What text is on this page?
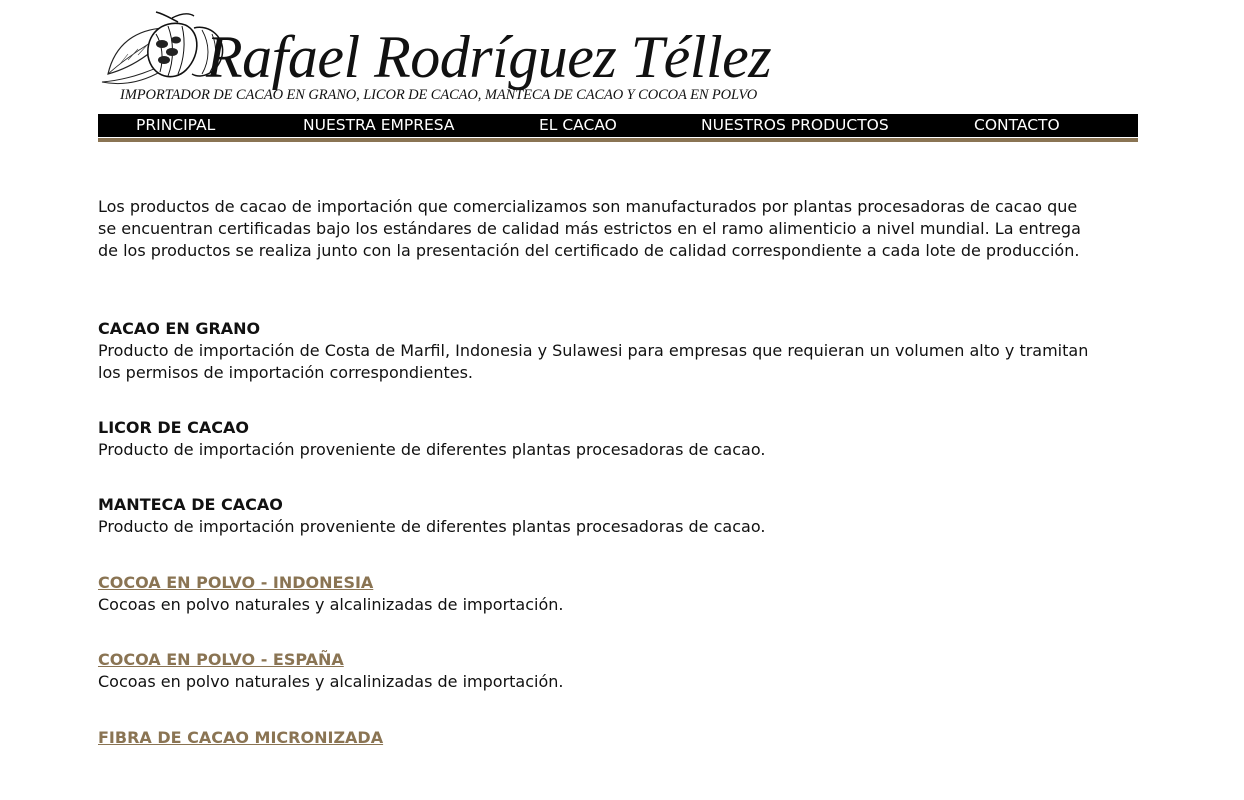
Rafael Rodríguez Téllez
IMPORTADOR DE CACAO EN GRANO, LICOR DE CACAO, MANTECA DE CACAO Y COCOA EN POLVO
PRINCIPAL	NUESTRA EMPRESA	EL CACAO	NUESTROS PRODUCTOS	CONTACTO

Los productos de cacao de importación que comercializamos son manufacturados por plantas procesadoras de cacao que se encuentran certificadas bajo los estándares de calidad más estrictos en el ramo alimenticio a nivel mundial. La entrega de los productos se realiza junto con la presentación del certificado de calidad correspondiente a cada lote de producción.

CACAO EN GRANO
Producto de importación de Costa de Marfil, Indonesia y Sulawesi para empresas que requieran un volumen alto y tramitan los permisos de importación correspondientes.
LICOR DE CACAO
Producto de importación proveniente de diferentes plantas procesadoras de cacao.
MANTECA DE CACAO
Producto de importación proveniente de diferentes plantas procesadoras de cacao.
COCOA EN POLVO - INDONESIA
Cocoas en polvo naturales y alcalinizadas de importación.
COCOA EN POLVO - ESPAÑA
Cocoas en polvo naturales y alcalinizadas de importación.
FIBRA DE CACAO MICRONIZADA
